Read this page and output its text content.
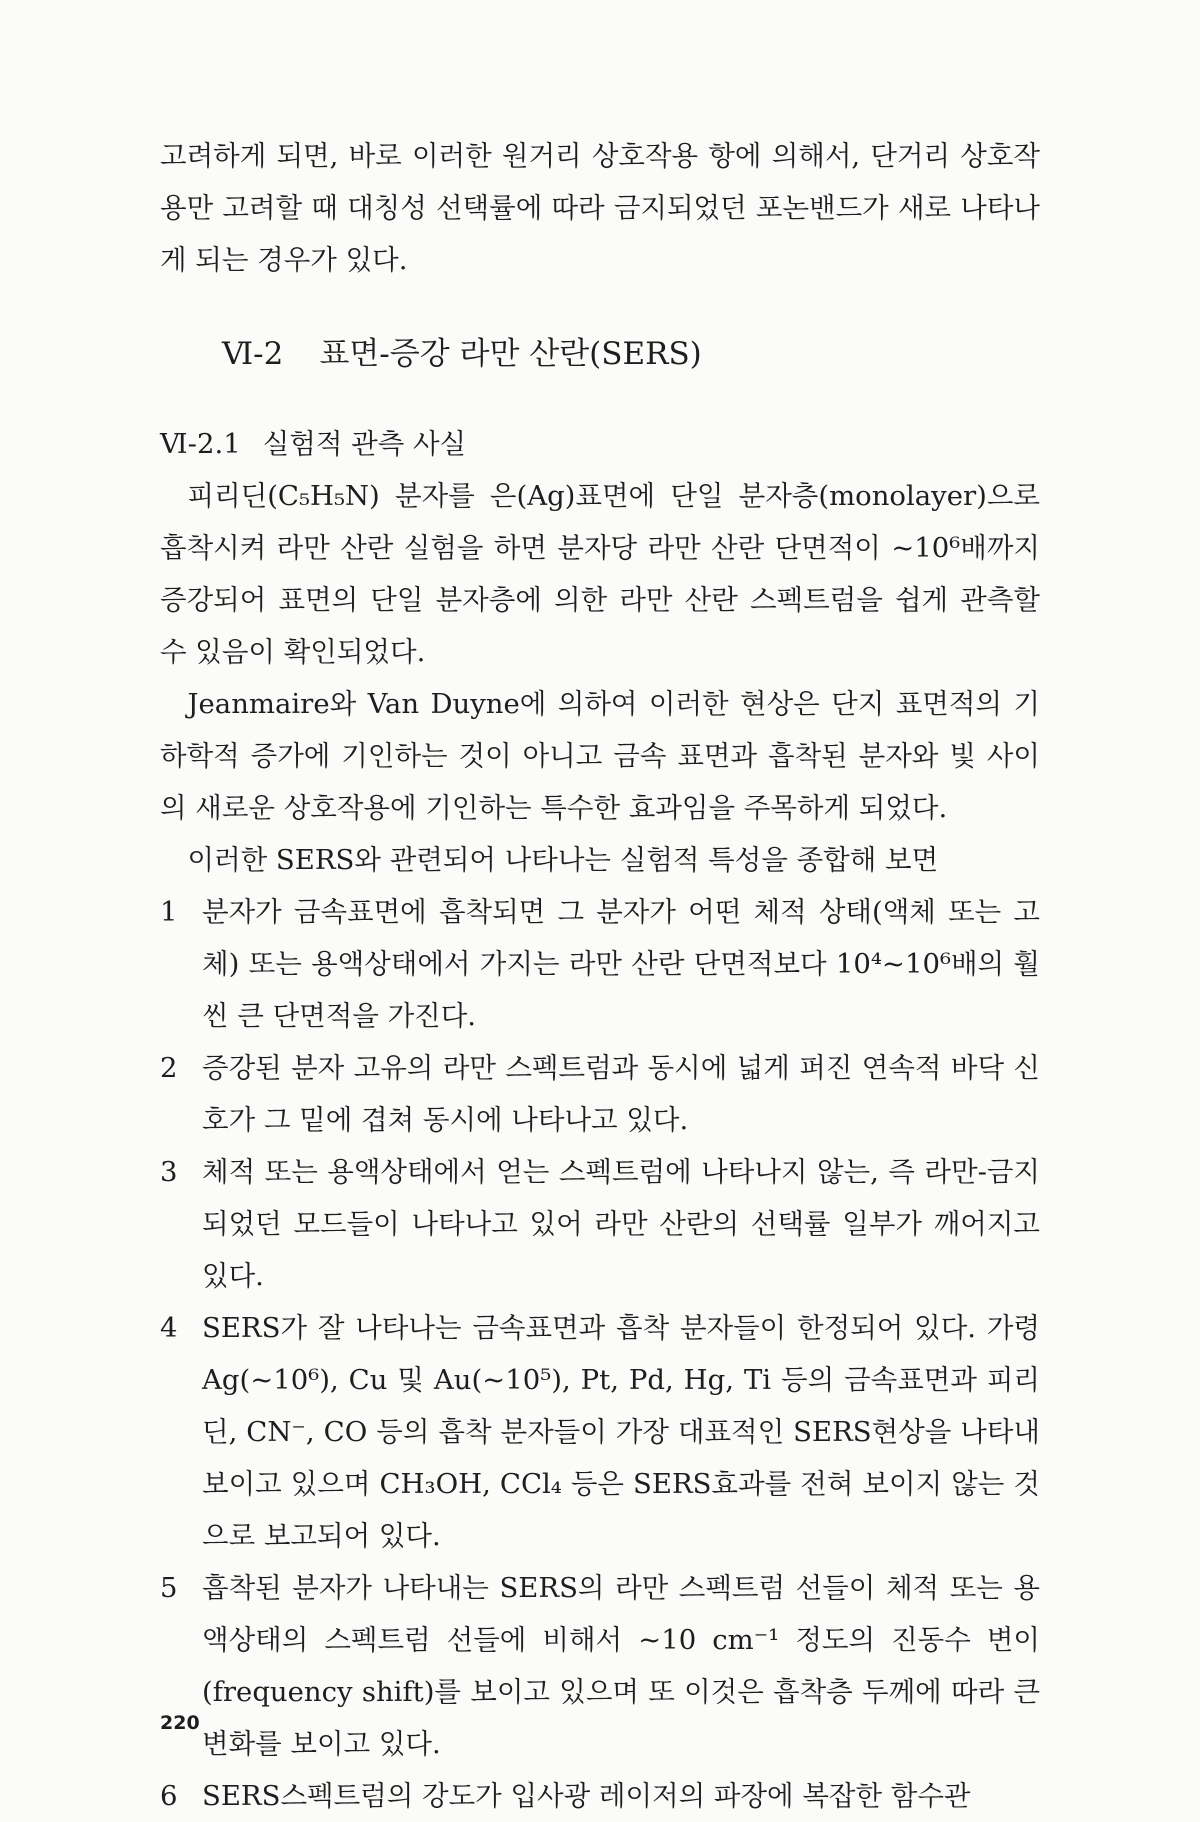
고려하게 되면, 바로 이러한 원거리 상호작용 항에 의해서, 단거리 상호작용만 고려할 때 대칭성 선택률에 따라 금지되었던 포논밴드가 새로 나타나게 되는 경우가 있다.

Ⅵ-2 표면-증강 라만 산란(SERS)
Ⅵ-2.1 실험적 관측 사실

피리딘(C₅H₅N) 분자를 은(Ag)표면에 단일 분자층(monolayer)으로 흡착시켜 라만 산란 실험을 하면 분자당 라만 산란 단면적이 ~10⁶배까지 증강되어 표면의 단일 분자층에 의한 라만 산란 스펙트럼을 쉽게 관측할 수 있음이 확인되었다.

Jeanmaire와 Van Duyne에 의하여 이러한 현상은 단지 표면적의 기하학적 증가에 기인하는 것이 아니고 금속 표면과 흡착된 분자와 빛 사이의 새로운 상호작용에 기인하는 특수한 효과임을 주목하게 되었다.

이러한 SERS와 관련되어 나타나는 실험적 특성을 종합해 보면

1 분자가 금속표면에 흡착되면 그 분자가 어떤 체적 상태(액체 또는 고체) 또는 용액상태에서 가지는 라만 산란 단면적보다 10⁴~10⁶배의 훨씬 큰 단면적을 가진다.
2 증강된 분자 고유의 라만 스펙트럼과 동시에 넓게 퍼진 연속적 바닥 신호가 그 밑에 겹쳐 동시에 나타나고 있다.
3 체적 또는 용액상태에서 얻는 스펙트럼에 나타나지 않는, 즉 라만-금지되었던 모드들이 나타나고 있어 라만 산란의 선택률 일부가 깨어지고 있다.
4 SERS가 잘 나타나는 금속표면과 흡착 분자들이 한정되어 있다. 가령 Ag(~10⁶), Cu 및 Au(~10⁵), Pt, Pd, Hg, Ti 등의 금속표면과 피리딘, CN⁻, CO 등의 흡착 분자들이 가장 대표적인 SERS현상을 나타내 보이고 있으며 CH₃OH, CCl₄ 등은 SERS효과를 전혀 보이지 않는 것으로 보고되어 있다.
5 흡착된 분자가 나타내는 SERS의 라만 스펙트럼 선들이 체적 또는 용액상태의 스펙트럼 선들에 비해서 ~10 cm⁻¹ 정도의 진동수 변이(frequency shift)를 보이고 있으며 또 이것은 흡착층 두께에 따라 큰 변화를 보이고 있다.
6 SERS스펙트럼의 강도가 입사광 레이저의 파장에 복잡한 함수관
220
